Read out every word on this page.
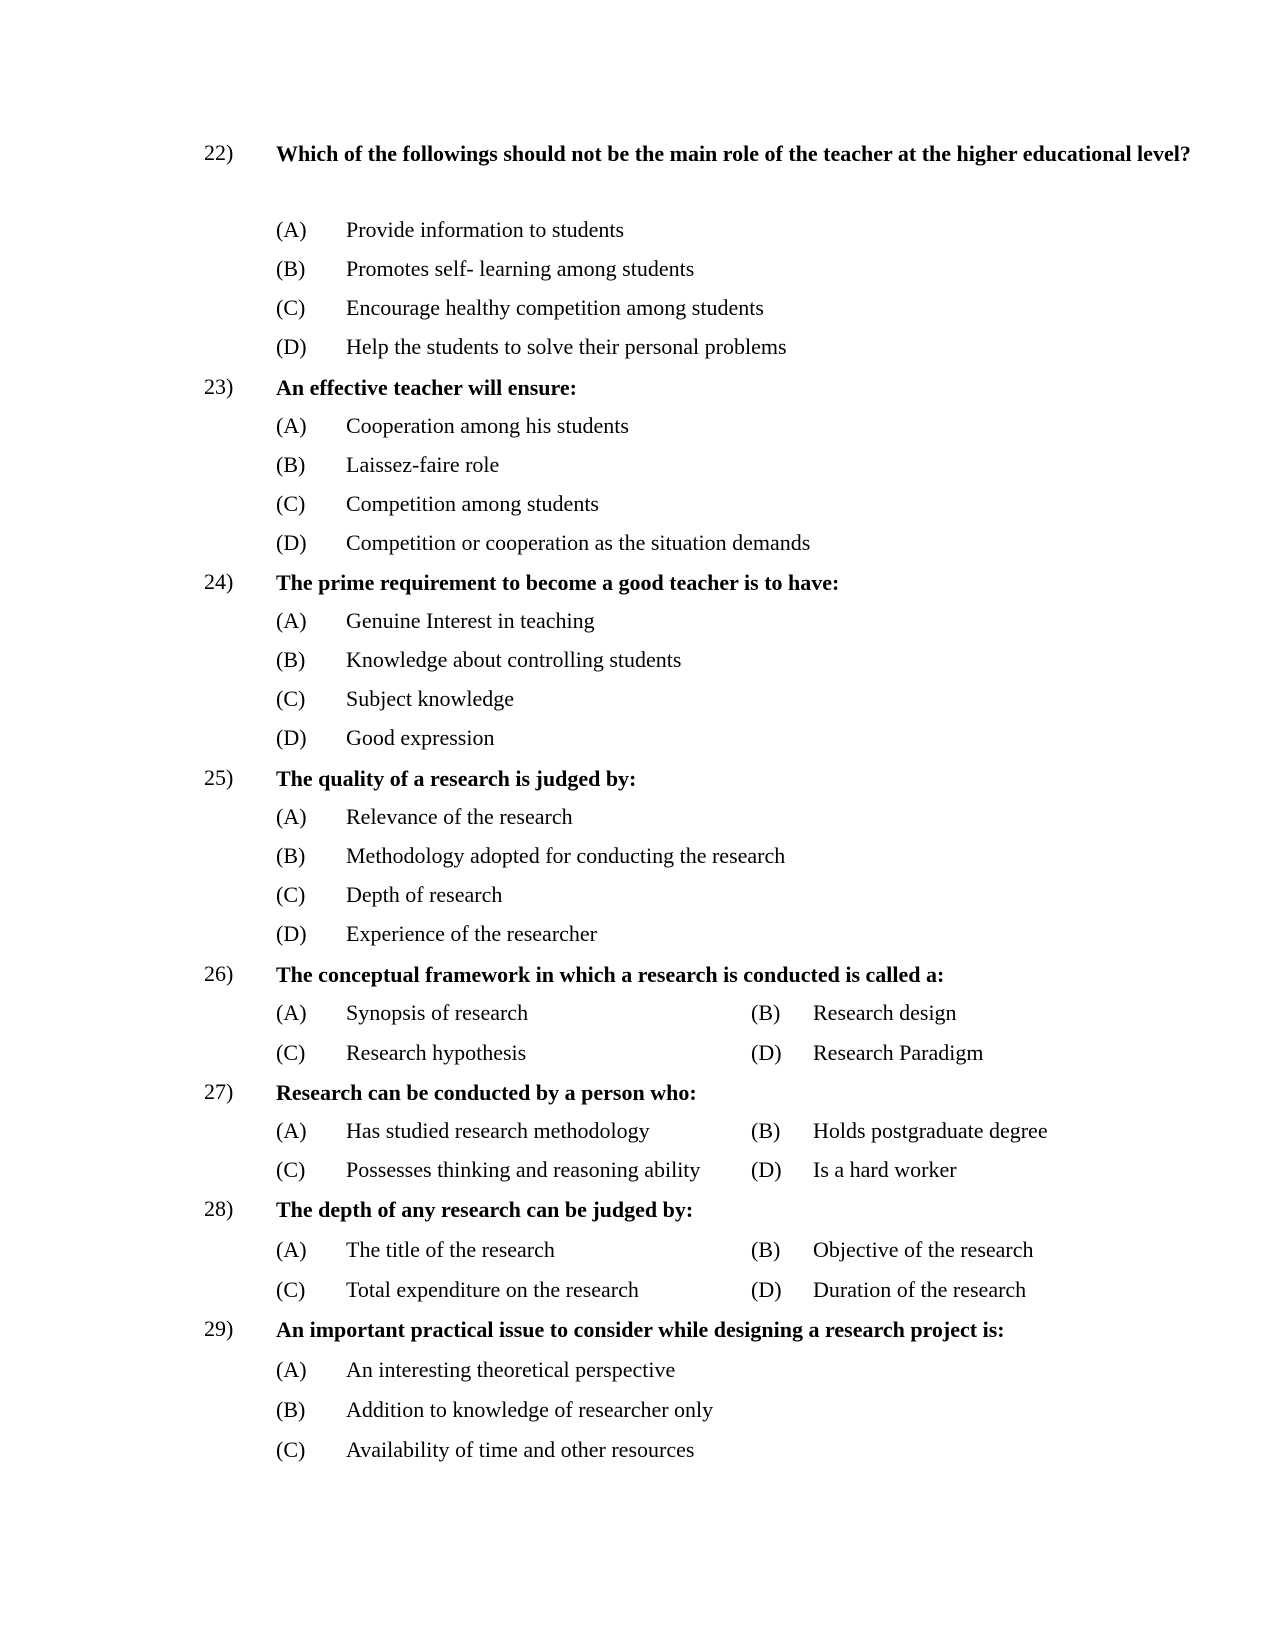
22) Which of the followings should not be the main role of the teacher at the higher educational level?

(A) Provide information to students
(B) Promotes self- learning among students
(C) Encourage healthy competition among students
(D) Help the students to solve their personal problems
23) An effective teacher will ensure:

(A) Cooperation among his students
(B) Laissez-faire role
(C) Competition among students
(D) Competition or cooperation as the situation demands
24) The prime requirement to become a good teacher is to have:

(A) Genuine Interest in teaching
(B) Knowledge about controlling students
(C) Subject knowledge
(D) Good expression
25) The quality of a research is judged by:

(A) Relevance of the research
(B) Methodology adopted for conducting the research
(C) Depth of research
(D) Experience of the researcher
26) The conceptual framework in which a research is conducted is called a:

(A) Synopsis of research	(B) Research design
(C) Research hypothesis	(D) Research Paradigm
27) Research can be conducted by a person who:

(A) Has studied research methodology	(B) Holds postgraduate degree
(C) Possesses thinking and reasoning ability (D) Is a hard worker
28) The depth of any research can be judged by:

(A) The title of the research	(B) Objective of the research
(C) Total expenditure on the research	(D) Duration of the research
29) An important practical issue to consider while designing a research project is:

(A) An interesting theoretical perspective
(B) Addition to knowledge of researcher only
(C) Availability of time and other resources
